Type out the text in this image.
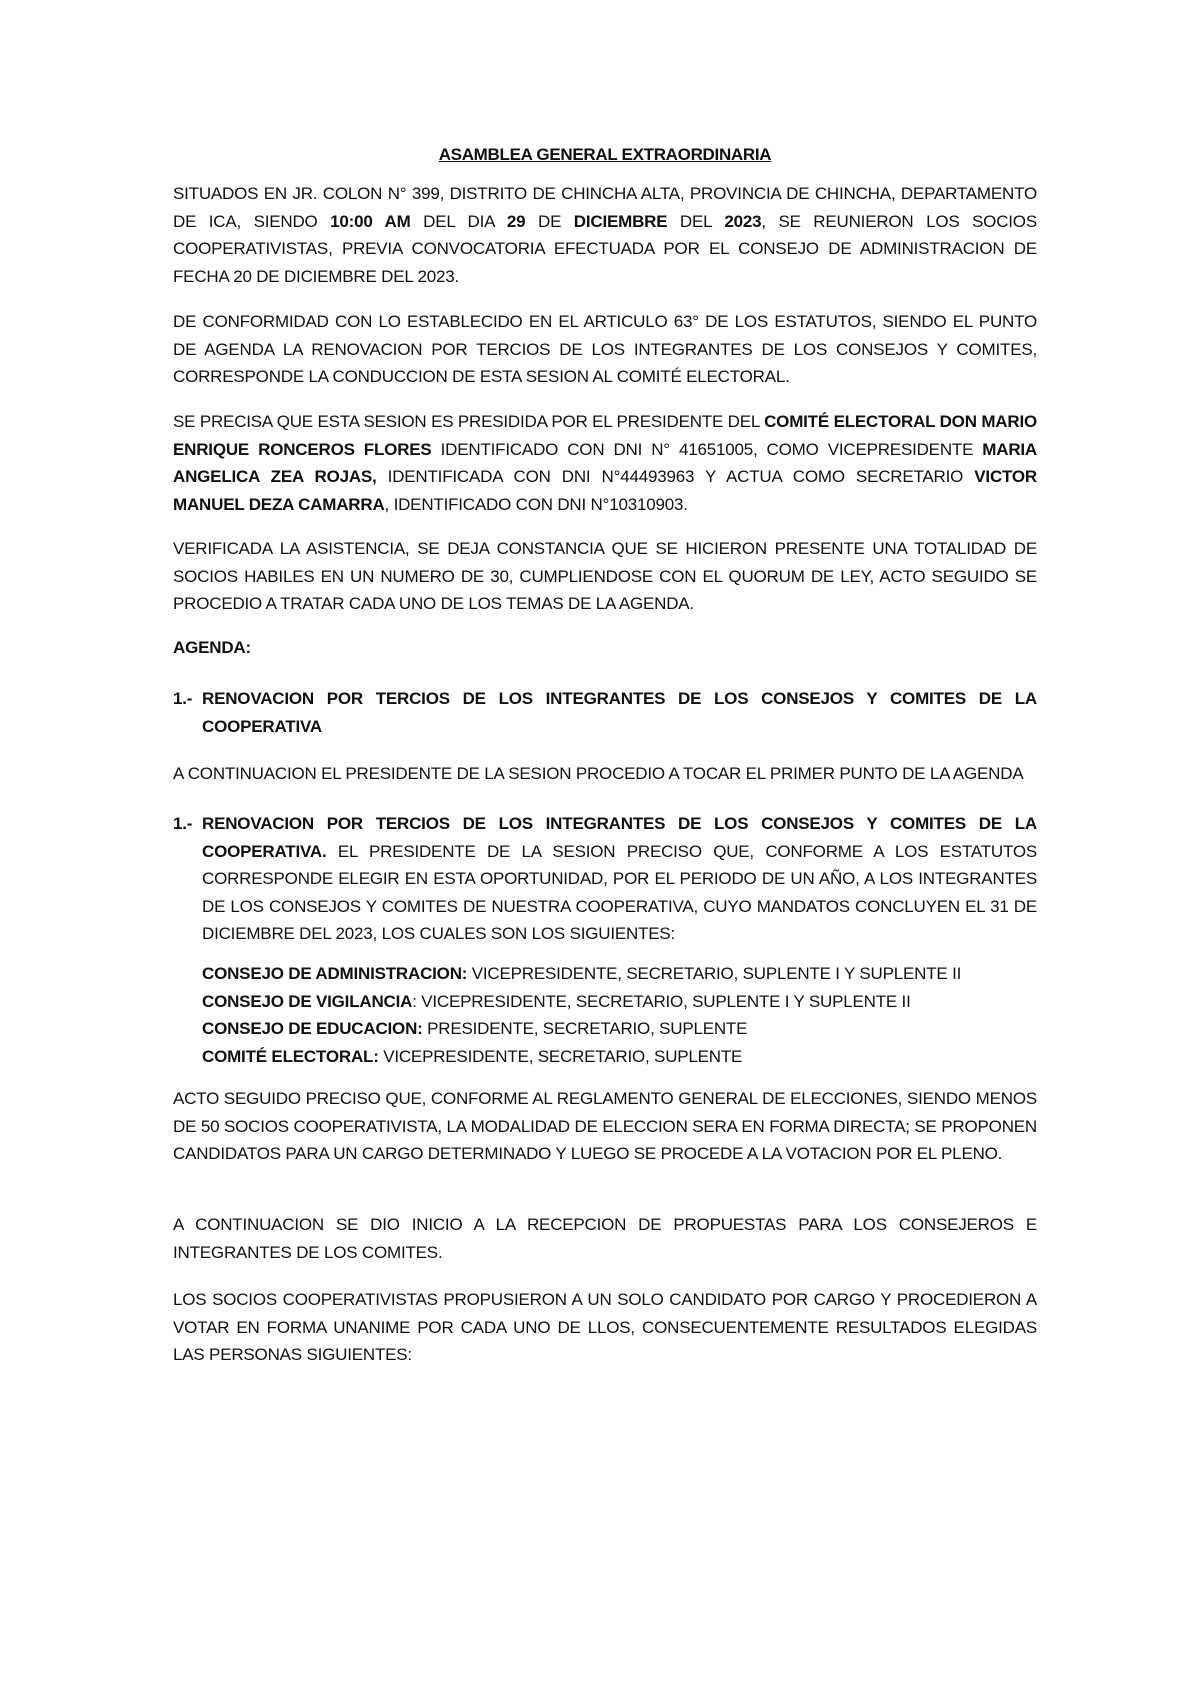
ASAMBLEA GENERAL EXTRAORDINARIA
SITUADOS EN JR. COLON N° 399, DISTRITO DE CHINCHA ALTA, PROVINCIA DE CHINCHA, DEPARTAMENTO DE ICA, SIENDO 10:00 AM DEL DIA 29 DE DICIEMBRE DEL 2023, SE REUNIERON LOS SOCIOS COOPERATIVISTAS, PREVIA CONVOCATORIA EFECTUADA POR EL CONSEJO DE ADMINISTRACION DE FECHA 20 DE DICIEMBRE DEL 2023.
DE CONFORMIDAD CON LO ESTABLECIDO EN EL ARTICULO 63° DE LOS ESTATUTOS, SIENDO EL PUNTO DE AGENDA LA RENOVACION POR TERCIOS DE LOS INTEGRANTES DE LOS CONSEJOS Y COMITES, CORRESPONDE LA CONDUCCION DE ESTA SESION AL COMITÉ ELECTORAL.
SE PRECISA QUE ESTA SESION ES PRESIDIDA POR EL PRESIDENTE DEL COMITÉ ELECTORAL DON MARIO ENRIQUE RONCEROS FLORES IDENTIFICADO CON DNI N° 41651005, COMO VICEPRESIDENTE MARIA ANGELICA ZEA ROJAS, IDENTIFICADA CON DNI N°44493963 Y ACTUA COMO SECRETARIO VICTOR MANUEL DEZA CAMARRA, IDENTIFICADO CON DNI N°10310903.
VERIFICADA LA ASISTENCIA, SE DEJA CONSTANCIA QUE SE HICIERON PRESENTE UNA TOTALIDAD DE SOCIOS HABILES EN UN NUMERO DE 30, CUMPLIENDOSE CON EL QUORUM DE LEY, ACTO SEGUIDO SE PROCEDIO A TRATAR CADA UNO DE LOS TEMAS DE LA AGENDA.
AGENDA:
1.- RENOVACION POR TERCIOS DE LOS INTEGRANTES DE LOS CONSEJOS Y COMITES DE LA COOPERATIVA
A CONTINUACION EL PRESIDENTE DE LA SESION PROCEDIO A TOCAR EL PRIMER PUNTO DE LA AGENDA
1.- RENOVACION POR TERCIOS DE LOS INTEGRANTES DE LOS CONSEJOS Y COMITES DE LA COOPERATIVA. EL PRESIDENTE DE LA SESION PRECISO QUE, CONFORME A LOS ESTATUTOS CORRESPONDE ELEGIR EN ESTA OPORTUNIDAD, POR EL PERIODO DE UN AÑO, A LOS INTEGRANTES DE LOS CONSEJOS Y COMITES DE NUESTRA COOPERATIVA, CUYO MANDATOS CONCLUYEN EL 31 DE DICIEMBRE DEL 2023, LOS CUALES SON LOS SIGUIENTES:
CONSEJO DE ADMINISTRACION: VICEPRESIDENTE, SECRETARIO, SUPLENTE I Y SUPLENTE II
CONSEJO DE VIGILANCIA: VICEPRESIDENTE, SECRETARIO, SUPLENTE I Y SUPLENTE II
CONSEJO DE EDUCACION: PRESIDENTE, SECRETARIO, SUPLENTE
COMITÉ ELECTORAL: VICEPRESIDENTE, SECRETARIO, SUPLENTE
ACTO SEGUIDO PRECISO QUE, CONFORME AL REGLAMENTO GENERAL DE ELECCIONES, SIENDO MENOS DE 50 SOCIOS COOPERATIVISTA, LA MODALIDAD DE ELECCION SERA EN FORMA DIRECTA; SE PROPONEN CANDIDATOS PARA UN CARGO DETERMINADO Y LUEGO SE PROCEDE A LA VOTACION POR EL PLENO.
A CONTINUACION SE DIO INICIO A LA RECEPCION DE PROPUESTAS PARA LOS CONSEJEROS E INTEGRANTES DE LOS COMITES.
LOS SOCIOS COOPERATIVISTAS PROPUSIERON A UN SOLO CANDIDATO POR CARGO Y PROCEDIERON A VOTAR EN FORMA UNANIME POR CADA UNO DE LLOS, CONSECUENTEMENTE RESULTADOS ELEGIDAS LAS PERSONAS SIGUIENTES:
